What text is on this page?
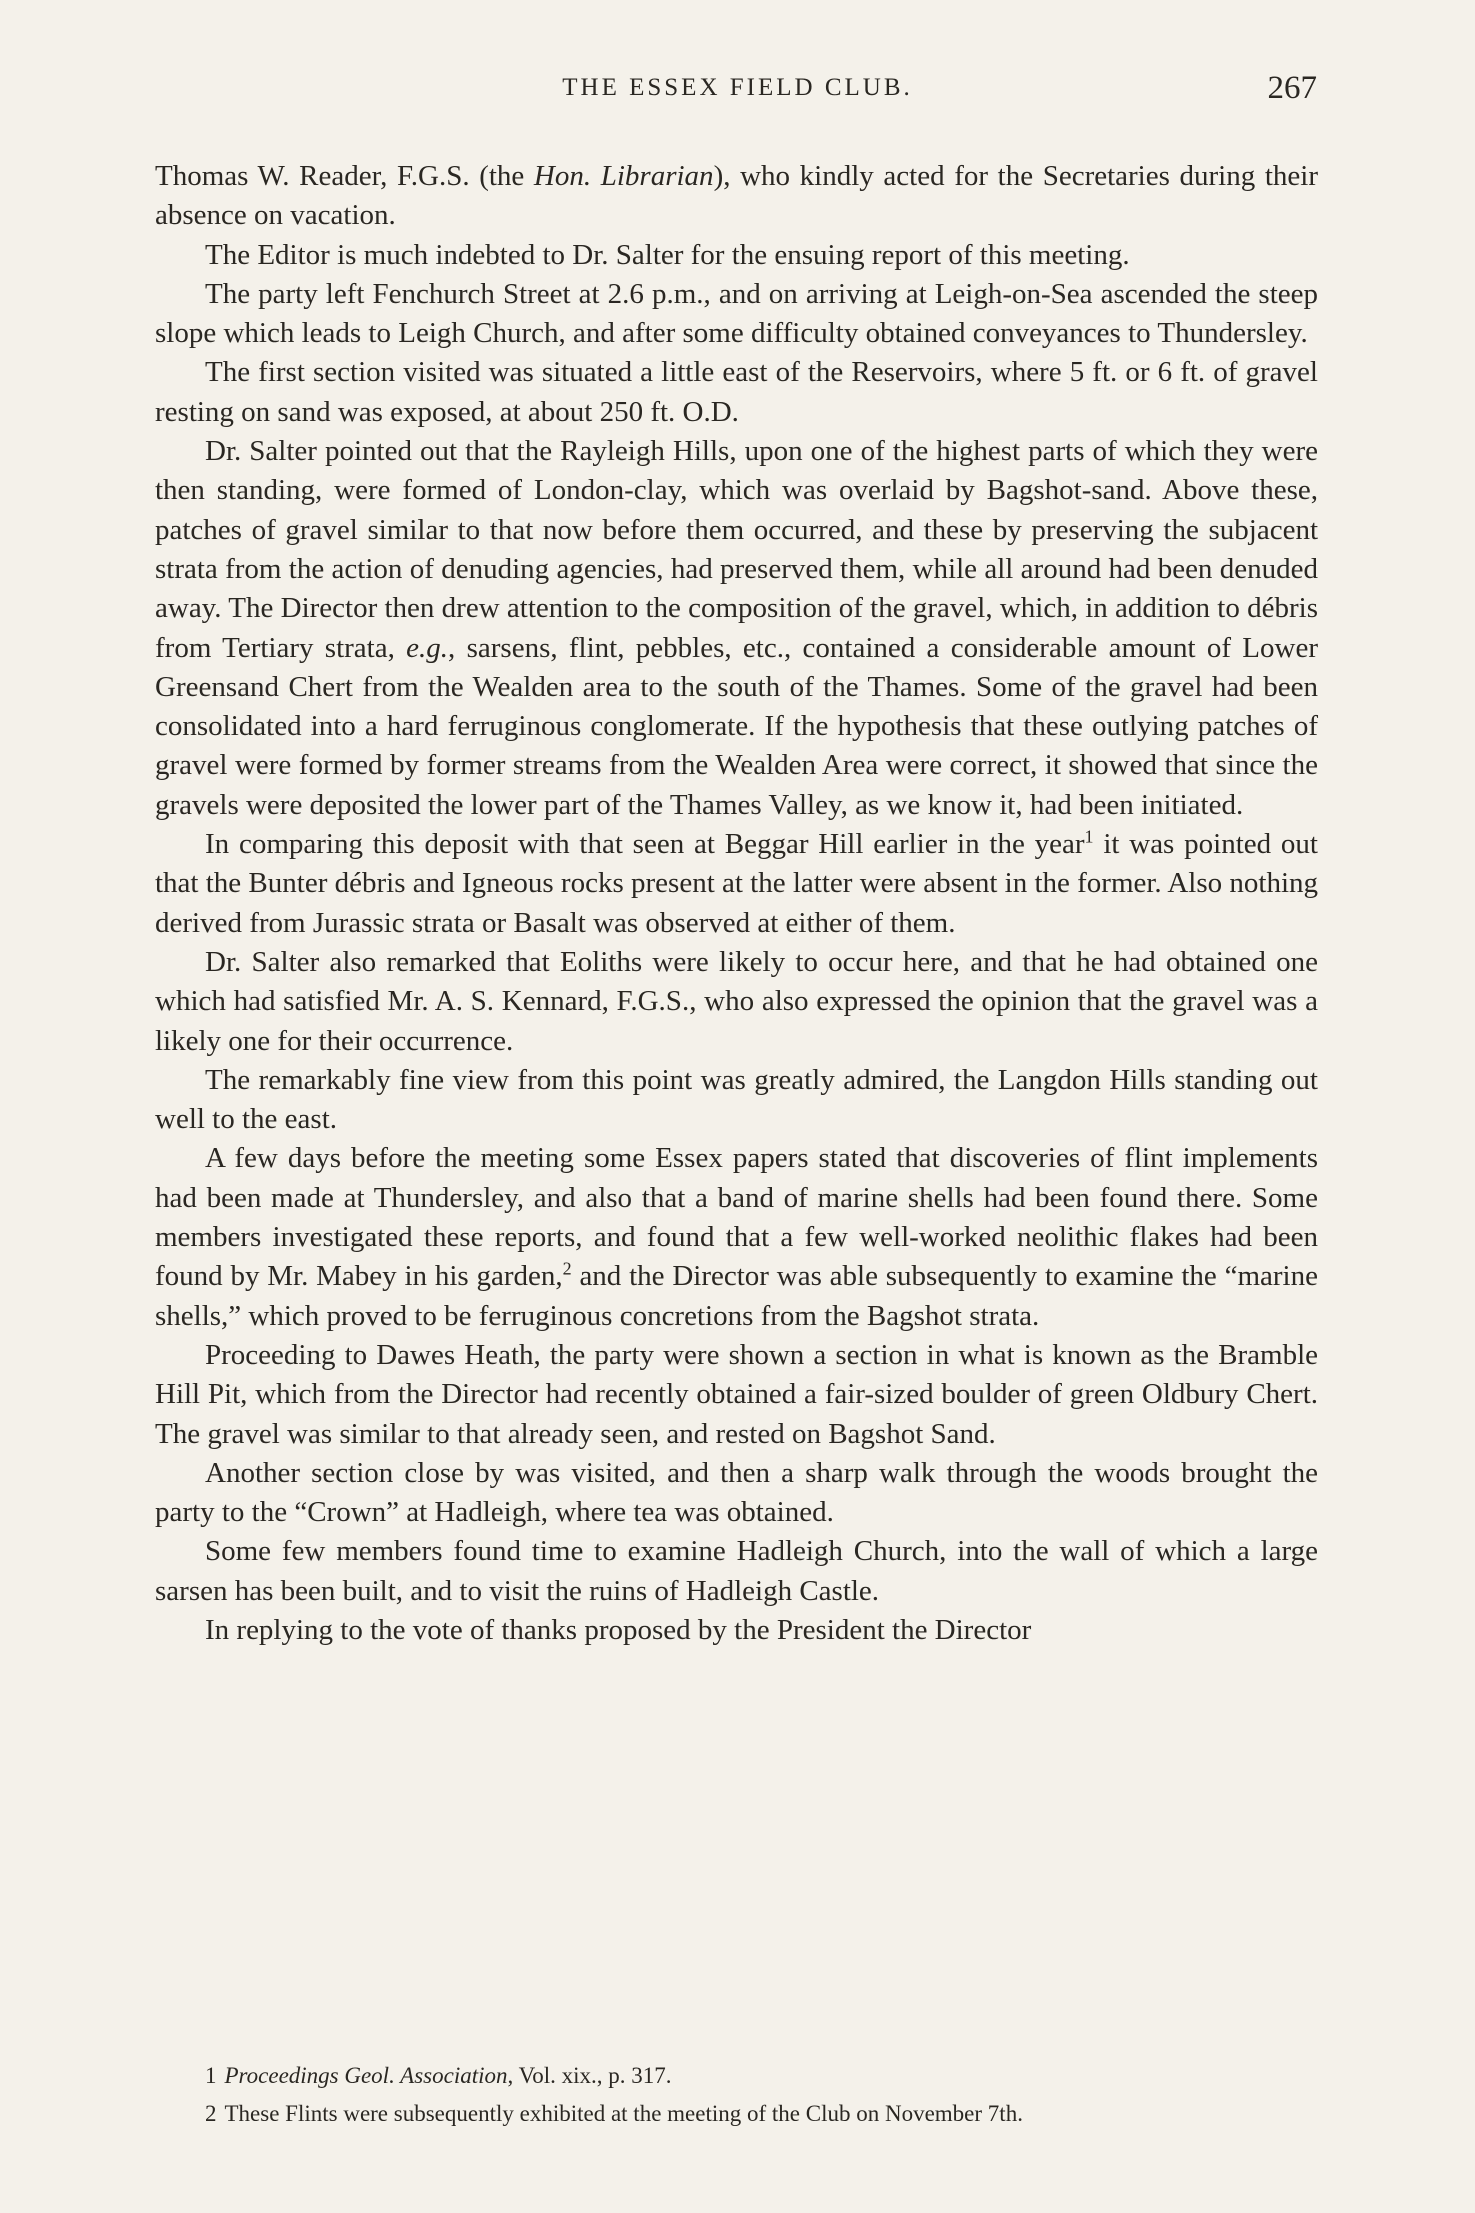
THE ESSEX FIELD CLUB.	267

Thomas W. Reader, F.G.S. (the Hon. Librarian), who kindly acted for the Secretaries during their absence on vacation.

The Editor is much indebted to Dr. Salter for the ensuing report of this meeting.

The party left Fenchurch Street at 2.6 p.m., and on arriving at Leigh-on-Sea ascended the steep slope which leads to Leigh Church, and after some difficulty obtained conveyances to Thundersley.

The first section visited was situated a little east of the Reservoirs, where 5 ft. or 6 ft. of gravel resting on sand was exposed, at about 250 ft. O.D.

Dr. Salter pointed out that the Rayleigh Hills, upon one of the highest parts of which they were then standing, were formed of London-clay, which was overlaid by Bagshot-sand. Above these, patches of gravel similar to that now before them occurred, and these by preserving the subjacent strata from the action of denuding agencies, had preserved them, while all around had been denuded away. The Director then drew attention to the composition of the gravel, which, in addition to débris from Tertiary strata, e.g., sarsens, flint, pebbles, etc., contained a considerable amount of Lower Greensand Chert from the Wealden area to the south of the Thames. Some of the gravel had been consolidated into a hard ferruginous conglomerate. If the hypothesis that these outlying patches of gravel were formed by former streams from the Wealden Area were correct, it showed that since the gravels were deposited the lower part of the Thames Valley, as we know it, had been initiated.

In comparing this deposit with that seen at Beggar Hill earlier in the year$^1$ it was pointed out that the Bunter débris and Igneous rocks present at the latter were absent in the former. Also nothing derived from Jurassic strata or Basalt was observed at either of them.

Dr. Salter also remarked that Eoliths were likely to occur here, and that he had obtained one which had satisfied Mr. A. S. Kennard, F.G.S., who also expressed the opinion that the gravel was a likely one for their occurrence.

The remarkably fine view from this point was greatly admired, the Langdon Hills standing out well to the east.

A few days before the meeting some Essex papers stated that discoveries of flint implements had been made at Thundersley, and also that a band of marine shells had been found there. Some members investigated these reports, and found that a few well-worked neolithic flakes had been found by Mr. Mabey in his garden,$^2$ and the Director was able subsequently to examine the “marine shells,” which proved to be ferruginous concretions from the Bagshot strata.

Proceeding to Dawes Heath, the party were shown a section in what is known as the Bramble Hill Pit, which from the Director had recently obtained a fair-sized boulder of green Oldbury Chert. The gravel was similar to that already seen, and rested on Bagshot Sand.

Another section close by was visited, and then a sharp walk through the woods brought the party to the “Crown” at Hadleigh, where tea was obtained.

Some few members found time to examine Hadleigh Church, into the wall of which a large sarsen has been built, and to visit the ruins of Hadleigh Castle.

In replying to the vote of thanks proposed by the President the Director

1 Proceedings Geol. Association, Vol. xix., p. 317.

2 These Flints were subsequently exhibited at the meeting of the Club on November 7th.
